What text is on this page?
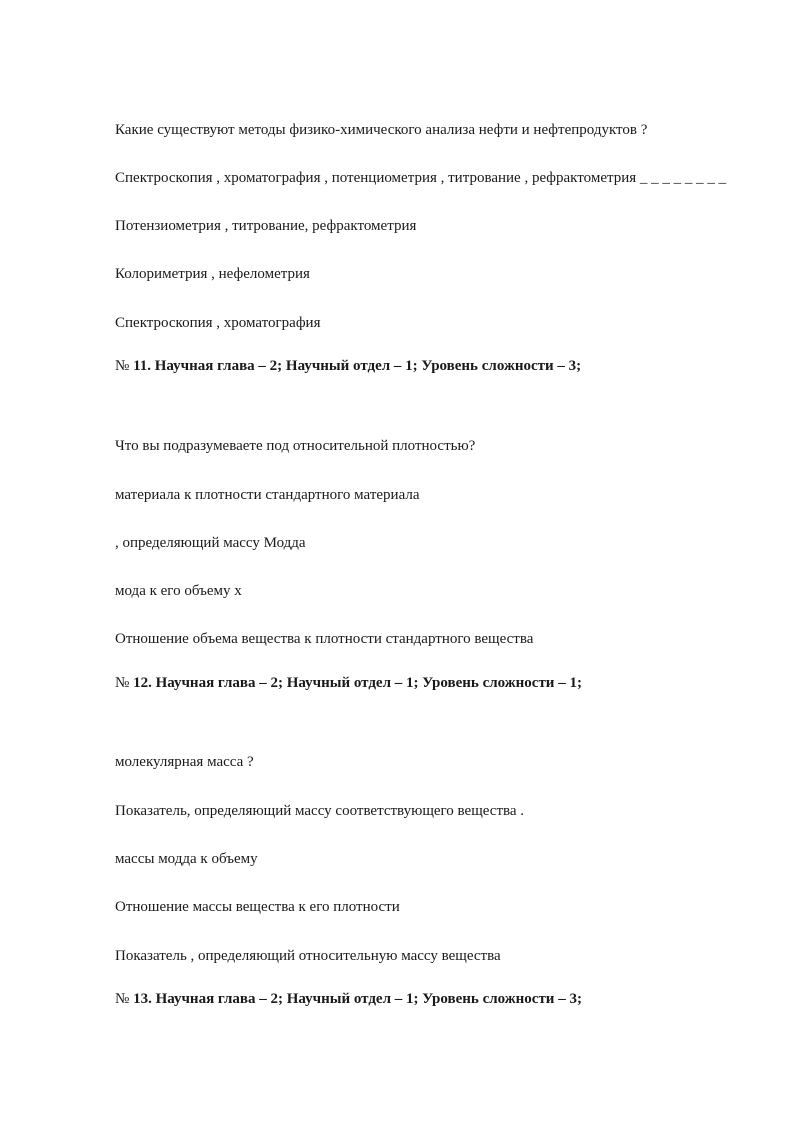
Какие существуют методы физико-химического анализа нефти и нефтепродуктов ?
Спектроскопия , хроматография , потенциометрия , титрование , рефрактометрия _ _ _ _ _ _ _ _
Потензиометрия , титрование, рефрактометрия
Колориметрия , нефелометрия
Спектроскопия , хроматография
№ 11. Научная глава – 2; Научный отдел – 1; Уровень сложности – 3;
Что вы подразумеваете под относительной плотностью?
материала к плотности стандартного материала
, определяющий массу Модда
мода к его объему x
Отношение объема вещества к плотности стандартного вещества
№ 12. Научная глава – 2; Научный отдел – 1; Уровень сложности – 1;
молекулярная масса ?
Показатель, определяющий массу соответствующего вещества .
массы модда к объему
Отношение массы вещества к его плотности
Показатель , определяющий относительную массу вещества
№ 13. Научная глава – 2; Научный отдел – 1; Уровень сложности – 3;
